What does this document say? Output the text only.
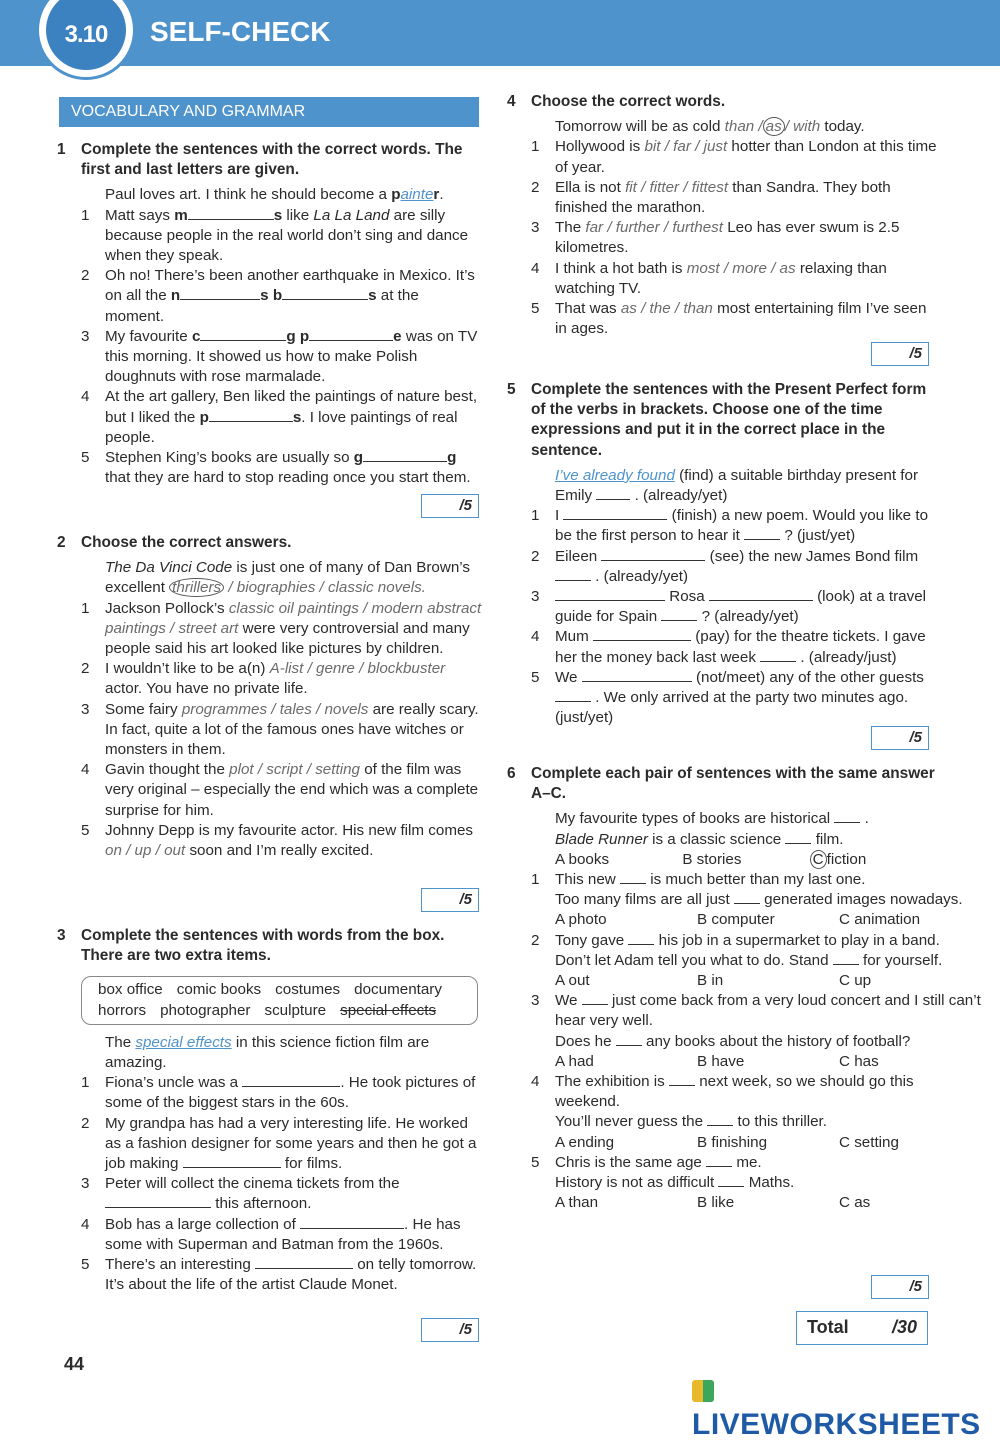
3.10	SELF-CHECK
VOCABULARY AND GRAMMAR
1	Complete the sentences with the correct words. The first and last letters are given.
Paul loves art. I think he should become a painter.
1	Matt says m	s like La La Land are silly because people in the real world don’t sing and dance when they speak.
2	Oh no! There’s been another earthquake in Mexico. It’s on all the n	s b	s at the moment.
3	My favourite c	g p	e was on TV this morning. It showed us how to make Polish doughnuts with rose marmalade.
4	At the art gallery, Ben liked the paintings of nature best, but I liked the p	s. I love paintings of real people.
5	Stephen King’s books are usually so g	g that they are hard to stop reading once you start them.
/5
2	Choose the correct answers.
The Da Vinci Code is just one of many of Dan Brown’s excellent thrillers / biographies / classic novels.
1	Jackson Pollock’s classic oil paintings / modern abstract paintings / street art were very controversial and many people said his art looked like pictures by children.
2	I wouldn’t like to be a(n) A-list / genre / blockbuster actor. You have no private life.
3	Some fairy programmes / tales / novels are really scary. In fact, quite a lot of the famous ones have witches or monsters in them.
4	Gavin thought the plot / script / setting of the film was very original – especially the end which was a complete surprise for him.
5	Johnny Depp is my favourite actor. His new film comes on / up / out soon and I’m really excited.
/5
3	Complete the sentences with words from the box. There are two extra items.
box office comic books costumes documentary
horrors photographer sculpture special effects
The special effects in this science fiction film are amazing.
1	Fiona’s uncle was a	. He took pictures of some of the biggest stars in the 60s.
2	My grandpa has had a very interesting life. He worked as a fashion designer for some years and then he got a job making	for films.
3	Peter will collect the cinema tickets from the  this afternoon.
4	Bob has a large collection of	. He has some with Superman and Batman from the 1960s.
5	There’s an interesting	on telly tomorrow. It’s about the life of the artist Claude Monet.
/5
4	Choose the correct words.
Tomorrow will be as cold than / as / with today.
1	Hollywood is bit / far / just hotter than London at this time of year.
2	Ella is not fit / fitter / fittest than Sandra. They both finished the marathon.
3	The far / further / furthest Leo has ever swum is 2.5 kilometres.
4	I think a hot bath is most / more / as relaxing than watching TV.
5	That was as / the / than most entertaining film I’ve seen in ages.
/5
5	Complete the sentences with the Present Perfect form of the verbs in brackets. Choose one of the time expressions and put it in the correct place in the sentence.
I’ve already found (find) a suitable birthday present for Emily  . (already/yet)
1	I	(finish) a new poem. Would you like to be the first person to hear it  ? (just/yet)
2	Eileen	(see) the new James Bond film  . (already/yet)
3	Rosa	(look) at a travel guide for Spain  ? (already/yet)
4	Mum	(pay) for the theatre tickets. I gave her the money back last week  . (already/just)
5	We	(not/meet) any of the other guests  . We only arrived at the party two minutes ago. (just/yet)
/5
6	Complete each pair of sentences with the same answer A–C.
My favourite types of books are historical  .
Blade Runner is a classic science  film.
A books	B stories	C fiction
1	This new  is much better than my last one.
Too many films are all just  generated images nowadays.
A photo	B computer	C animation
2	Tony gave  his job in a supermarket to play in a band.
Don’t let Adam tell you what to do. Stand  for yourself.
A out	B in	C up
3	We  just come back from a very loud concert and I still can’t hear very well.
Does he  any books about the history of football?
A had	B have	C has
4	The exhibition is  next week, so we should go this weekend.
You’ll never guess the  to this thriller.
A ending	B finishing	C setting
5	Chris is the same age  me.
History is not as difficult  Maths.
A than	B like	C as
/5
Total /30
44
LIVEWORKSHEETS
